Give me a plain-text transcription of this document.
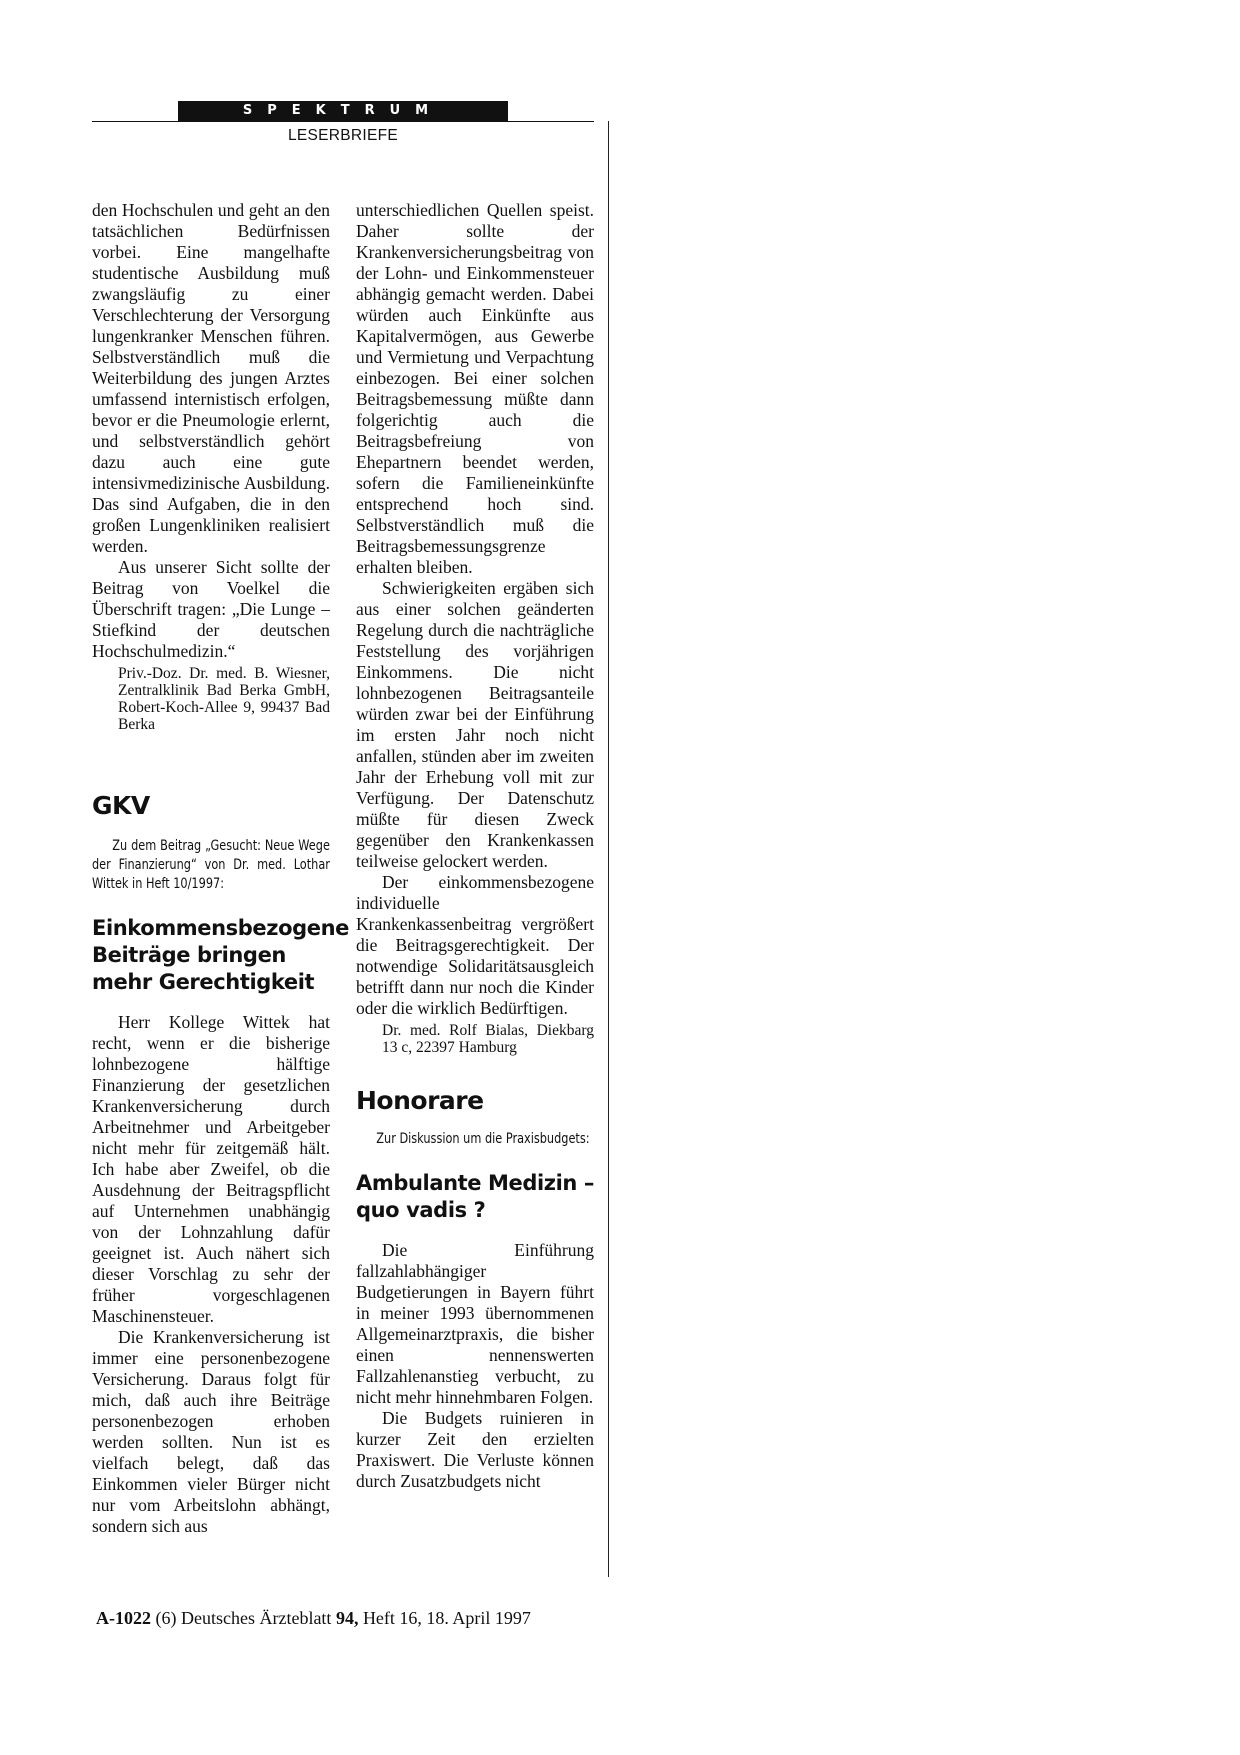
SPEKTRUM
LESERBRIEFE

den Hochschulen und geht an den tatsächlichen Bedürfnissen vorbei. Eine mangelhafte studentische Ausbildung muß zwangsläufig zu einer Verschlechterung der Versorgung lungenkranker Menschen führen. Selbstverständlich muß die Weiterbildung des jungen Arztes umfassend internistisch erfolgen, bevor er die Pneumologie erlernt, und selbstverständlich gehört dazu auch eine gute intensivmedizinische Ausbildung. Das sind Aufgaben, die in den großen Lungenkliniken realisiert werden.

Aus unserer Sicht sollte der Beitrag von Voelkel die Überschrift tragen: „Die Lunge – Stiefkind der deutschen Hochschulmedizin.“

Priv.-Doz. Dr. med. B. Wiesner, Zentralklinik Bad Berka GmbH, Robert-Koch-Allee 9, 99437 Bad Berka

GKV

Zu dem Beitrag „Gesucht: Neue Wege der Finanzierung“ von Dr. med. Lothar Wittek in Heft 10/1997:

Einkommensbezogene Beiträge bringen mehr Gerechtigkeit

Herr Kollege Wittek hat recht, wenn er die bisherige lohnbezogene hälftige Finanzierung der gesetzlichen Krankenversicherung durch Arbeitnehmer und Arbeitgeber nicht mehr für zeitgemäß hält. Ich habe aber Zweifel, ob die Ausdehnung der Beitragspflicht auf Unternehmen unabhängig von der Lohnzahlung dafür geeignet ist. Auch nähert sich dieser Vorschlag zu sehr der früher vorgeschlagenen Maschinensteuer.

Die Krankenversicherung ist immer eine personenbezogene Versicherung. Daraus folgt für mich, daß auch ihre Beiträge personenbezogen erhoben werden sollten. Nun ist es vielfach belegt, daß das Einkommen vieler Bürger nicht nur vom Arbeitslohn abhängt, sondern sich aus

unterschiedlichen Quellen speist. Daher sollte der Krankenversicherungsbeitrag von der Lohn- und Einkommensteuer abhängig gemacht werden. Dabei würden auch Einkünfte aus Kapitalvermögen, aus Gewerbe und Vermietung und Verpachtung einbezogen. Bei einer solchen Beitragsbemessung müßte dann folgerichtig auch die Beitragsbefreiung von Ehepartnern beendet werden, sofern die Familieneinkünfte entsprechend hoch sind. Selbstverständlich muß die Beitragsbemessungsgrenze erhalten bleiben.

Schwierigkeiten ergäben sich aus einer solchen geänderten Regelung durch die nachträgliche Feststellung des vorjährigen Einkommens. Die nicht lohnbezogenen Beitragsanteile würden zwar bei der Einführung im ersten Jahr noch nicht anfallen, stünden aber im zweiten Jahr der Erhebung voll mit zur Verfügung. Der Datenschutz müßte für diesen Zweck gegenüber den Krankenkassen teilweise gelockert werden.

Der einkommensbezogene individuelle Krankenkassenbeitrag vergrößert die Beitragsgerechtigkeit. Der notwendige Solidaritätsausgleich betrifft dann nur noch die Kinder oder die wirklich Bedürftigen.

Dr. med. Rolf Bialas, Diekbarg 13 c, 22397 Hamburg

Honorare

Zur Diskussion um die Praxisbudgets:

Ambulante Medizin – quo vadis ?

Die Einführung fallzahlabhängiger Budgetierungen in Bayern führt in meiner 1993 übernommenen Allgemeinarztpraxis, die bisher einen nennenswerten Fallzahlenanstieg verbucht, zu nicht mehr hinnehmbaren Folgen.

Die Budgets ruinieren in kurzer Zeit den erzielten Praxiswert. Die Verluste können durch Zusatzbudgets nicht

A-1022 (6) Deutsches Ärzteblatt 94, Heft 16, 18. April 1997
